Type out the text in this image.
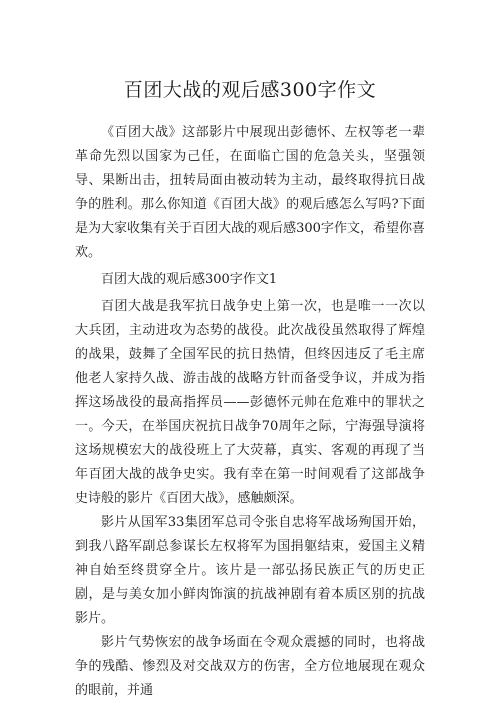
百团大战的观后感300字作文

《百团大战》这部影片中展现出彭德怀、左权等老一辈革命先烈以国家为己任，在面临亡国的危急关头，坚强领导、果断出击，扭转局面由被动转为主动，最终取得抗日战争的胜利。那么你知道《百团大战》的观后感怎么写吗?下面是为大家收集有关于百团大战的观后感300字作文，希望你喜欢。

百团大战的观后感300字作文1

百团大战是我军抗日战争史上第一次，也是唯一一次以大兵团，主动进攻为态势的战役。此次战役虽然取得了辉煌的战果，鼓舞了全国军民的抗日热情，但终因违反了毛主席他老人家持久战、游击战的战略方针而备受争议，并成为指挥这场战役的最高指挥员——彭德怀元帅在危难中的罪状之一。今天，在举国庆祝抗日战争70周年之际，宁海强导演将这场规模宏大的战役班上了大荧幕，真实、客观的再现了当年百团大战的战争史实。我有幸在第一时间观看了这部战争史诗般的影片《百团大战》，感触颇深。

影片从国军33集团军总司令张自忠将军战场殉国开始，到我八路军副总参谋长左权将军为国捐躯结束，爱国主义精神自始至终贯穿全片。该片是一部弘扬民族正气的历史正剧，是与美女加小鲜肉饰演的抗战神剧有着本质区别的抗战影片。

影片气势恢宏的战争场面在令观众震撼的同时，也将战争的残酷、惨烈及对交战双方的伤害，全方位地展现在观众的眼前，并通
